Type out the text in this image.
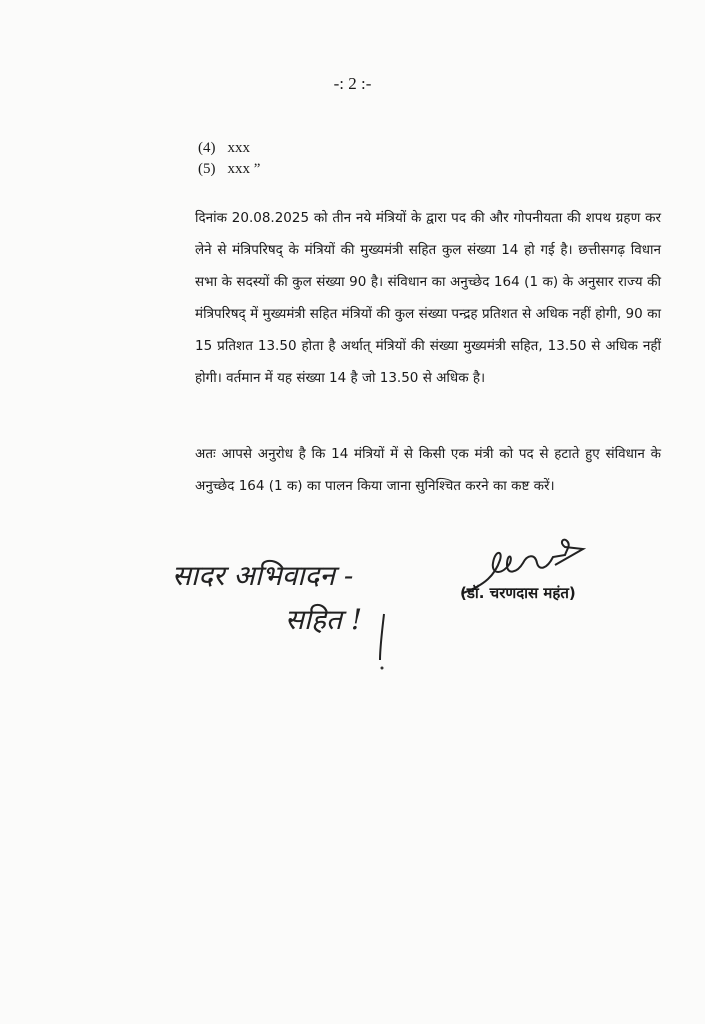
-: 2 :-
(4) xxx
(5) xxx ”
दिनांक 20.08.2025 को तीन नये मंत्रियों के द्वारा पद की और गोपनीयता की शपथ ग्रहण कर लेने से मंत्रिपरिषद् के मंत्रियों की मुख्यमंत्री सहित कुल संख्या 14 हो गई है। छत्तीसगढ़ विधान सभा के सदस्यों की कुल संख्या 90 है। संविधान का अनुच्छेद 164 (1 क) के अनुसार राज्य की मंत्रिपरिषद् में मुख्यमंत्री सहित मंत्रियों की कुल संख्या पन्द्रह प्रतिशत से अधिक नहीं होगी, 90 का 15 प्रतिशत 13.50 होता है अर्थात् मंत्रियों की संख्या मुख्यमंत्री सहित, 13.50 से अधिक नहीं होगी। वर्तमान में यह संख्या 14 है जो 13.50 से अधिक है।
अतः आपसे अनुरोध है कि 14 मंत्रियों में से किसी एक मंत्री को पद से हटाते हुए संविधान के अनुच्छेद 164 (1 क) का पालन किया जाना सुनिश्चित करने का कष्ट करें।
सादर अभिवादन -
सहित !
(डॉ. चरणदास महंत)
